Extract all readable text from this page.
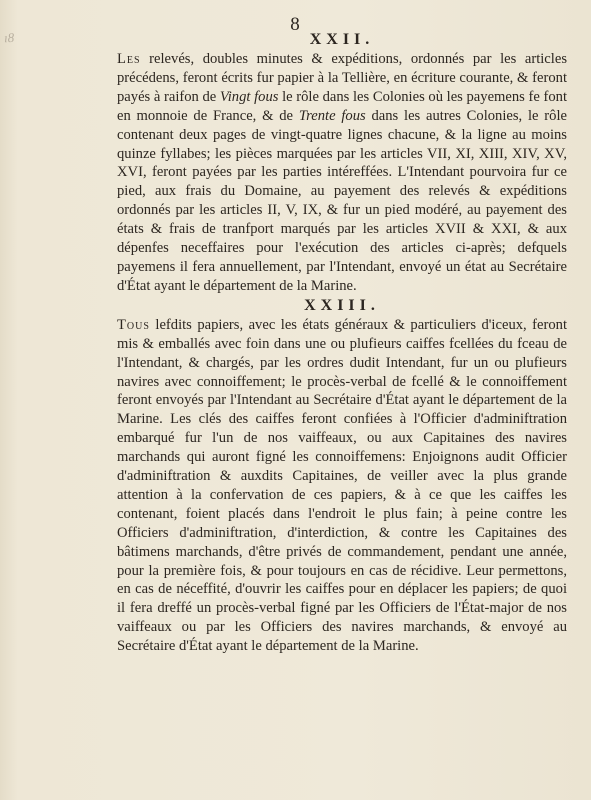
ı8
8
XXII.

Les relevés, doubles minutes & expéditions, ordonnés par les articles précédens, feront écrits fur papier à la Tellière, en écriture courante, & feront payés à raifon de Vingt fous le rôle dans les Colonies où les payemens fe font en monnoie de France, & de Trente fous dans les autres Colonies, le rôle contenant deux pages de vingt-quatre lignes chacune, & la ligne au moins quinze fyllabes; les pièces marquées par les articles VII, XI, XIII, XIV, XV, XVI, feront payées par les parties intéreffées. L'Intendant pourvoira fur ce pied, aux frais du Domaine, au payement des relevés & expéditions ordonnés par les articles II, V, IX, & fur un pied modéré, au payement des états & frais de tranfport marqués par les articles XVII & XXI, & aux dépenfes neceffaires pour l'exécution des articles ci-après; defquels payemens il fera annuellement, par l'Intendant, envoyé un état au Secrétaire d'État ayant le département de la Marine.

XXIII.

Tous lefdits papiers, avec les états généraux & particuliers d'iceux, feront mis & emballés avec foin dans une ou plufieurs caiffes fcellées du fceau de l'Intendant, & chargés, par les ordres dudit Intendant, fur un ou plufieurs navires avec connoiffement; le procès-verbal de fcellé & le connoiffement feront envoyés par l'Intendant au Secrétaire d'État ayant le département de la Marine. Les clés des caiffes feront confiées à l'Officier d'adminiftration embarqué fur l'un de nos vaiffeaux, ou aux Capitaines des navires marchands qui auront figné les connoiffemens: Enjoignons audit Officier d'adminiftration & auxdits Capitaines, de veiller avec la plus grande attention à la confervation de ces papiers, & à ce que les caiffes les contenant, foient placés dans l'endroit le plus fain; à peine contre les Officiers d'adminiftration, d'interdiction, & contre les Capitaines des bâtimens marchands, d'être privés de commandement, pendant une année, pour la première fois, & pour toujours en cas de récidive. Leur permettons, en cas de néceffité, d'ouvrir les caiffes pour en déplacer les papiers; de quoi il fera dreffé un procès-verbal figné par les Officiers de l'État-major de nos vaiffeaux ou par les Officiers des navires marchands, & envoyé au Secrétaire d'État ayant le département de la Marine.
